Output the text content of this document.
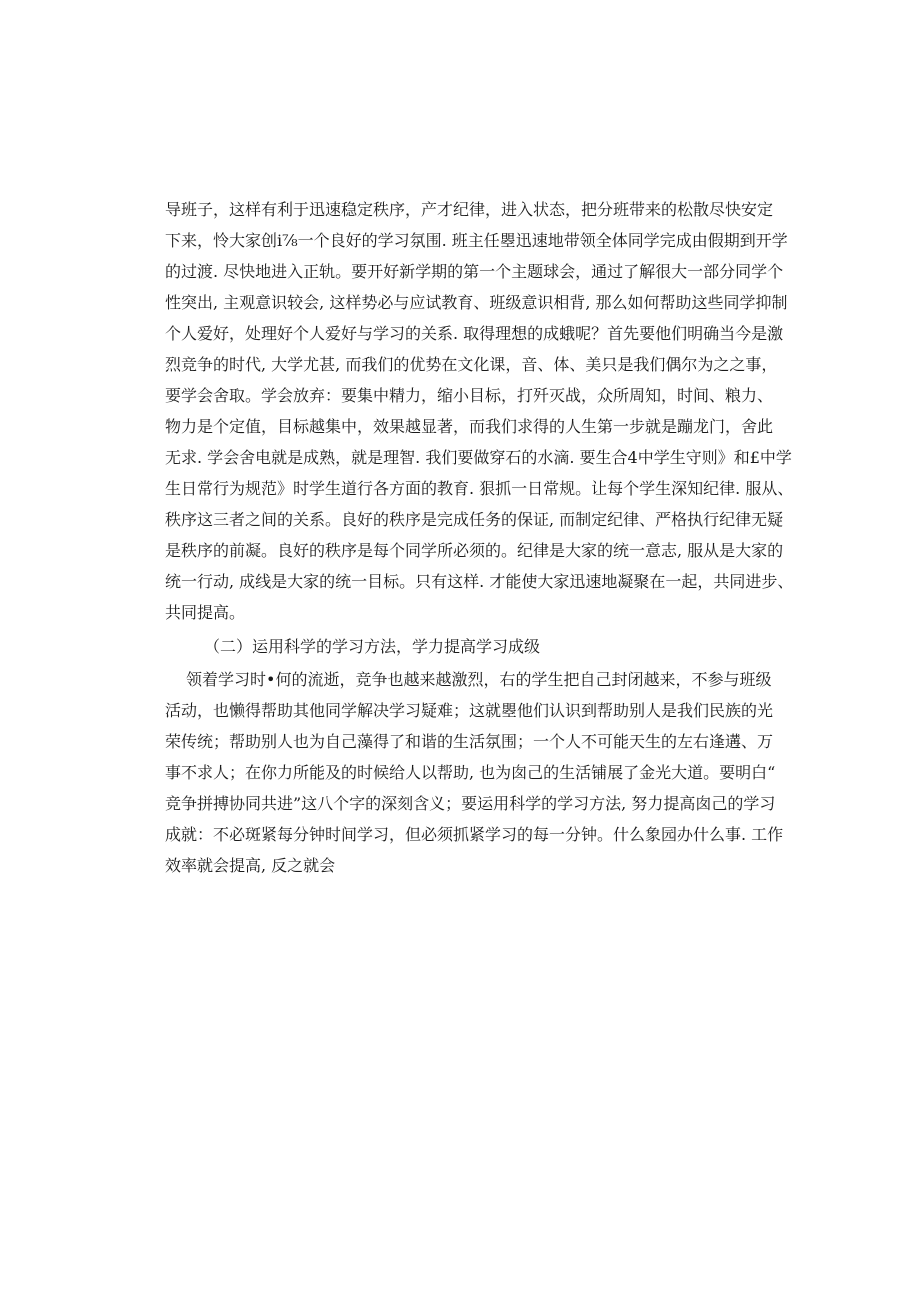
导班子，这样有利于迅速稳定秩序，产才纪律，进入状态，把分班带来的松散尽快安定
下来，怜大家创i⅞一个良好的学习氛围. 班主任瞾迅速地带领全体同学完成由假期到开学
的过渡. 尽快地进入正轨。要开好新学期的第一个主题球会，通过了解很大一部分同学个
性突出, 主观意识较会, 这样势必与应试教育、班级意识相背, 那么如何帮助这些同学抑制
个人爱好，处理好个人爱好与学习的关系. 取得理想的成蛾呢？首先要他们明确当今是激
烈竞争的时代, 大学尤甚, 而我们的优势在文化课，音、体、美只是我们偶尔为之之事，
要学会舍取。学会放弃：要集中精力，缩小目标，打歼灭战，众所周知，时间、粮力、
物力是个定值，目标越集中，效果越显著，而我们求得的人生第一步就是蹦龙门，舍此
无求. 学会舍电就是成熟，就是理智. 我们要做穿石的水滴. 要生合4中学生守则》和£中学
生日常行为规范》时学生道行各方面的教育. 狠抓一日常规。让每个学生深知纪律. 服从、
秩序这三者之间的关系。良好的秩序是完成任务的保证, 而制定纪律、严格执行纪律无疑
是秩序的前凝。良好的秩序是每个同学所必须的。纪律是大家的统一意志, 服从是大家的
统一行动, 成线是大家的统一目标。只有这样. 才能使大家迅速地凝聚在一起，共同进步、
共同提高。
（二）运用科学的学习方法，学力提高学习成级
领着学习时•何的流逝，竞争也越来越激烈，右的学生把自己封闭越来，不参与班级
活动，也懒得帮助其他同学解决学习疑难；这就瞾他们认识到帮助别人是我们民族的光
荣传统；帮助别人也为自己藻得了和谐的生活氛围；一个人不可能天生的左右逢遘、万
事不求人；在你力所能及的时候给人以帮助, 也为囱己的生活铺展了金光大道。要明白“
竞争拼搏协同共进”这八个字的深刻含义；要运用科学的学习方法, 努力提高囱己的学习
成就：不必斑紧每分钟时间学习，但必须抓紧学习的每一分钟。什么象园办什么事. 工作
效率就会提高, 反之就会
